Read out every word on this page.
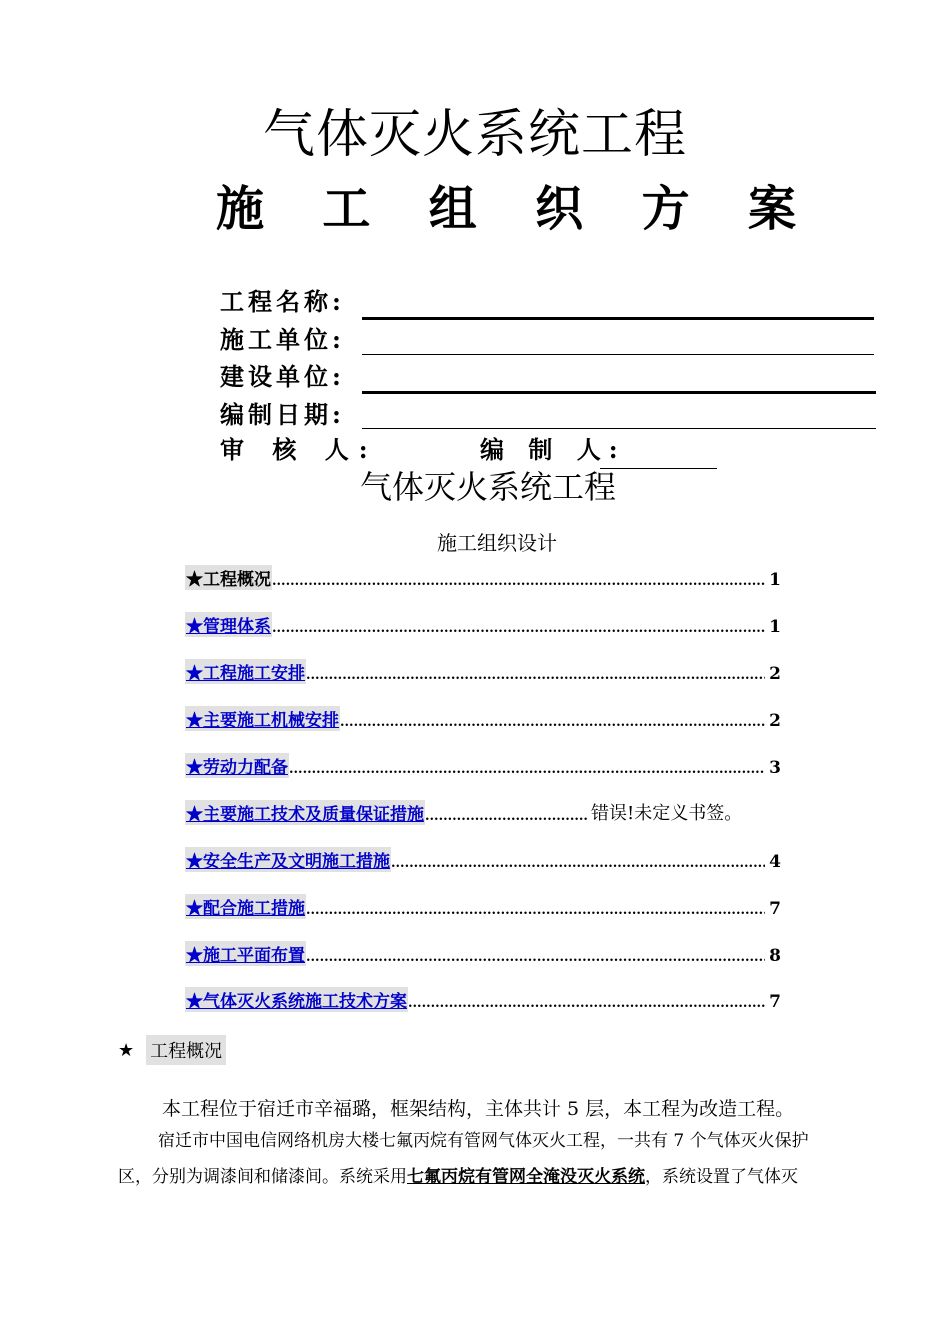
气体灭火系统工程
施 工 组 织 方 案
工程名称:
施工单位:
建设单位:
编制日期:
审 核 人:	编 制 人:
气体灭火系统工程
施工组织设计
★工程概况 .....	1
★管理体系 .....	1
★工程施工安排 .....	2
★主要施工机械安排 .....	2
★劳动力配备 .....	3
★主要施工技术及质量保证措施 .....	错误!未定义书签。
★安全生产及文明施工措施 .....	4
★配合施工措施 .....	7
★施工平面布置 .....	8
★气体灭火系统施工技术方案 .....	7
★ 工程概况
本工程位于宿迁市辛福璐，框架结构，主体共计 5 层，本工程为改造工程。
宿迁市中国电信网络机房大楼七氟丙烷有管网气体灭火工程，一共有 7 个气体灭火保护
区，分别为调漆间和储漆间。系统采用七氟丙烷有管网全淹没灭火系统，系统设置了气体灭
